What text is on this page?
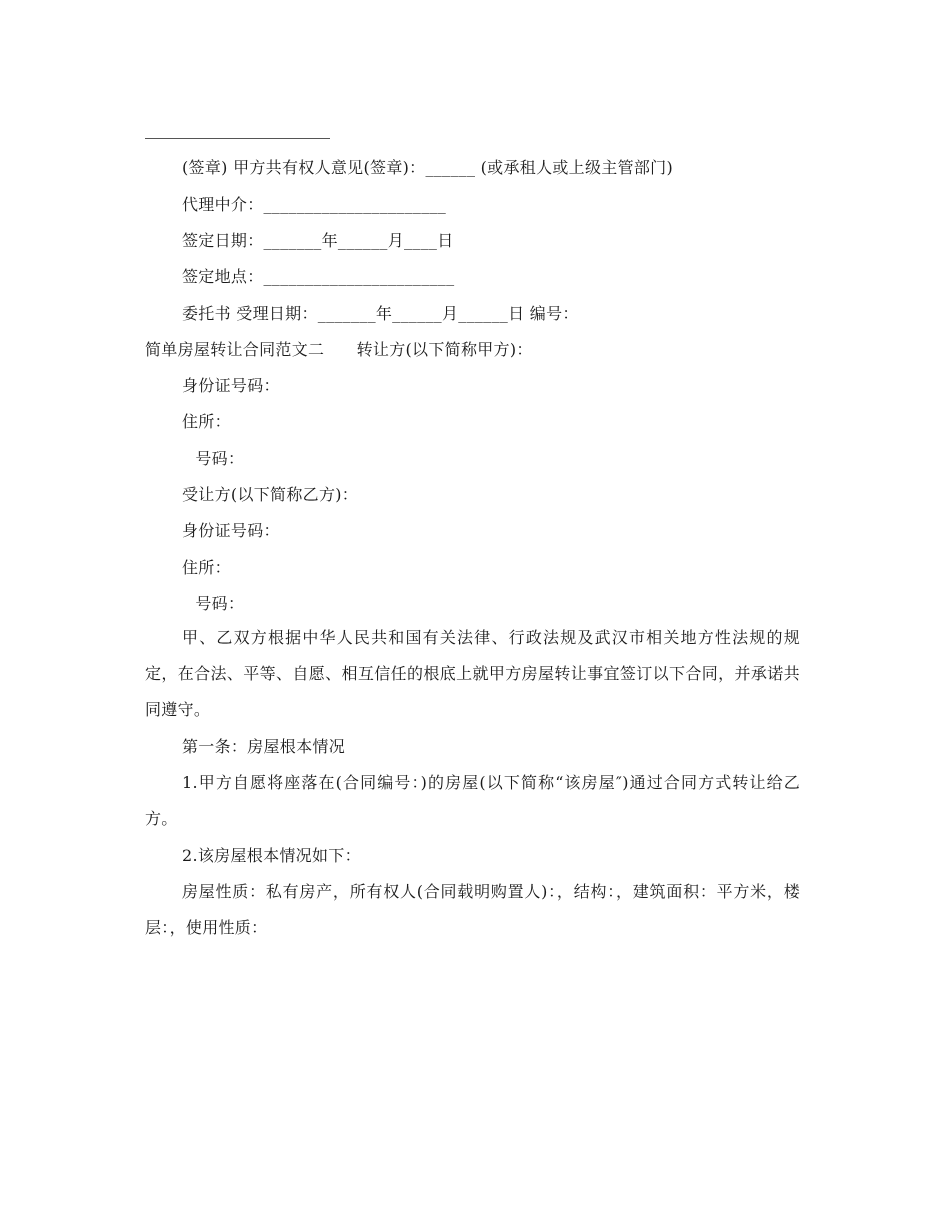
(签章) 甲方共有权人意见(签章)：______ (或承租人或上级主管部门)
代理中介：______________________
签定日期：_______年______月____日
签定地点：_______________________
委托书 受理日期：_______年______月______日 编号：
简单房屋转让合同范文二      转让方(以下简称甲方)：
身份证号码：
住所：
号码：
受让方(以下简称乙方)：
身份证号码：
住所：
号码：
甲、乙双方根据中华人民共和国有关法律、行政法规及武汉市相关地方性法规的规定，在合法、平等、自愿、相互信任的根底上就甲方房屋转让事宜签订以下合同，并承诺共同遵守。
第一条：房屋根本情况
1.甲方自愿将座落在(合同编号：)的房屋(以下简称“该房屋″)通过合同方式转让给乙方。
2.该房屋根本情况如下：
房屋性质：私有房产，所有权人(合同载明购置人)：，结构：，建筑面积：平方米，楼层：，使用性质：
